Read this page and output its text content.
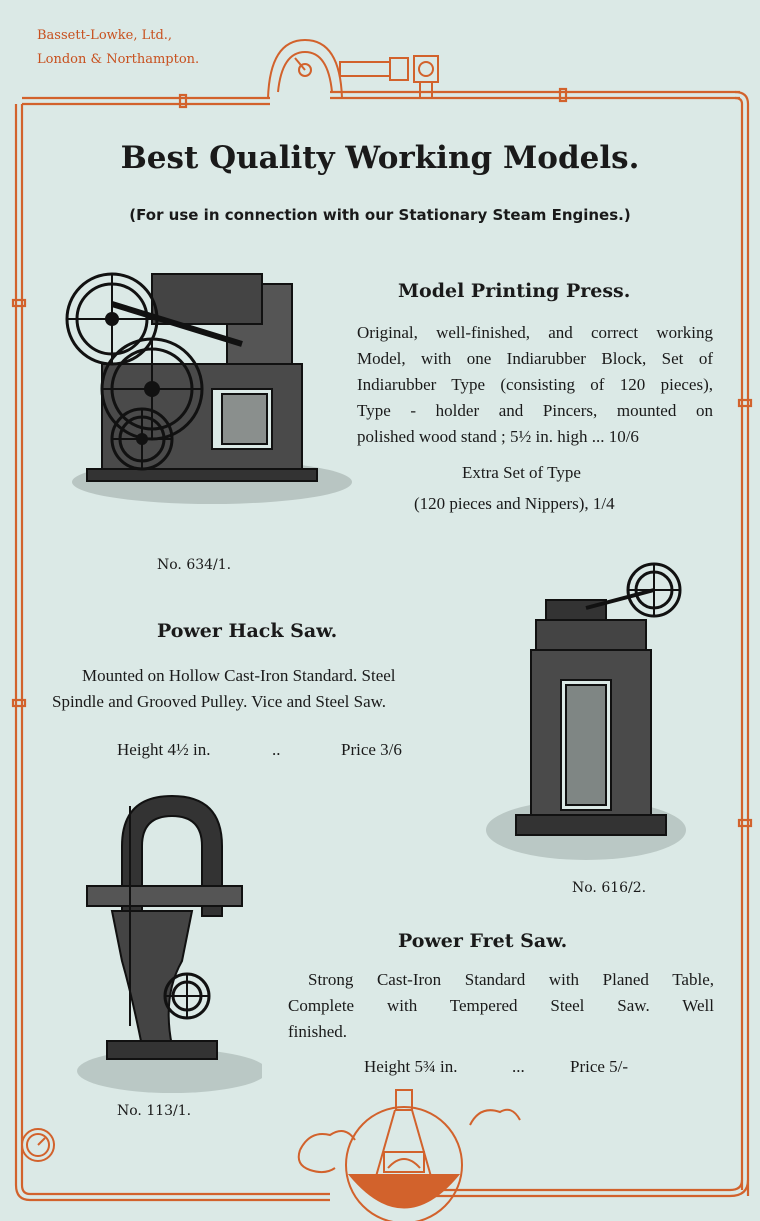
Bassett-Lowke, Ltd.,
London & Northampton.
Best Quality Working Models.
(For use in connection with our Stationary Steam Engines.)
Model Printing Press.
Original, well-finished, and correct working
Model, with one Indiarubber Block, Set of
Indiarubber Type (consisting of 120 pieces),
Type - holder and Pincers, mounted on
polished wood stand ; 5½ in. high ... 10/6
Extra Set of Type
(120 pieces and Nippers), 1/4
No. 634/1.
Power Hack Saw.
Mounted on Hollow Cast-Iron Standard. Steel
Spindle and Grooved Pulley. Vice and Steel Saw.
Height 4½ in.	..	Price 3/6
No. 616/2.
Power Fret Saw.
Strong Cast-Iron Standard with Planed Table,
Complete with Tempered Steel Saw. Well
finished.
Height 5¾ in.	...	Price 5/-
No. 113/1.
